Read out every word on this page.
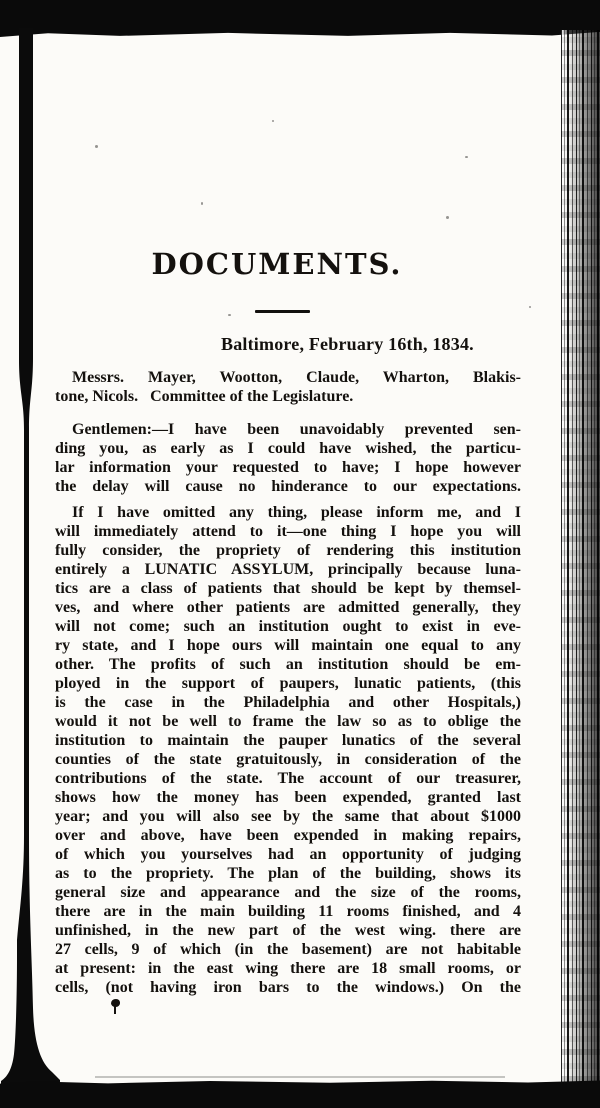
DOCUMENTS.
Baltimore, February 16th, 1834.
Messrs. Mayer, Wootton, Claude, Wharton, Blakis-
tone, Nicols.   Committee of the Legislature.
Gentlemen:—I have been unavoidably prevented sen-
ding you, as early as I could have wished, the particu-
lar information your requested to have; I hope however
the delay will cause no hinderance to our expectations.
If I have omitted any thing, please inform me, and I
will immediately attend to it—one thing I hope you will
fully consider, the propriety of rendering this institution
entirely a LUNATIC ASSYLUM, principally because luna-
tics are a class of patients that should be kept by themsel-
ves, and where other patients are admitted generally, they
will not come; such an institution ought to exist in eve-
ry state, and I hope ours will maintain one equal to any
other. The profits of such an institution should be em-
ployed in the support of paupers, lunatic patients, (this
is the case in the Philadelphia and other Hospitals,)
would it not be well to frame the law so as to oblige the
institution to maintain the pauper lunatics of the several
counties of the state gratuitously, in consideration of the
contributions of the state. The account of our treasurer,
shows how the money has been expended, granted last
year; and you will also see by the same that about $1000
over and above, have been expended in making repairs,
of which you yourselves had an opportunity of judging
as to the propriety. The plan of the building, shows its
general size and appearance and the size of the rooms,
there are in the main building 11 rooms finished, and 4
unfinished, in the new part of the west wing. there are
27 cells, 9 of which (in the basement) are not habitable
at present: in the east wing there are 18 small rooms, or
cells, (not having iron bars to the windows.) On the
